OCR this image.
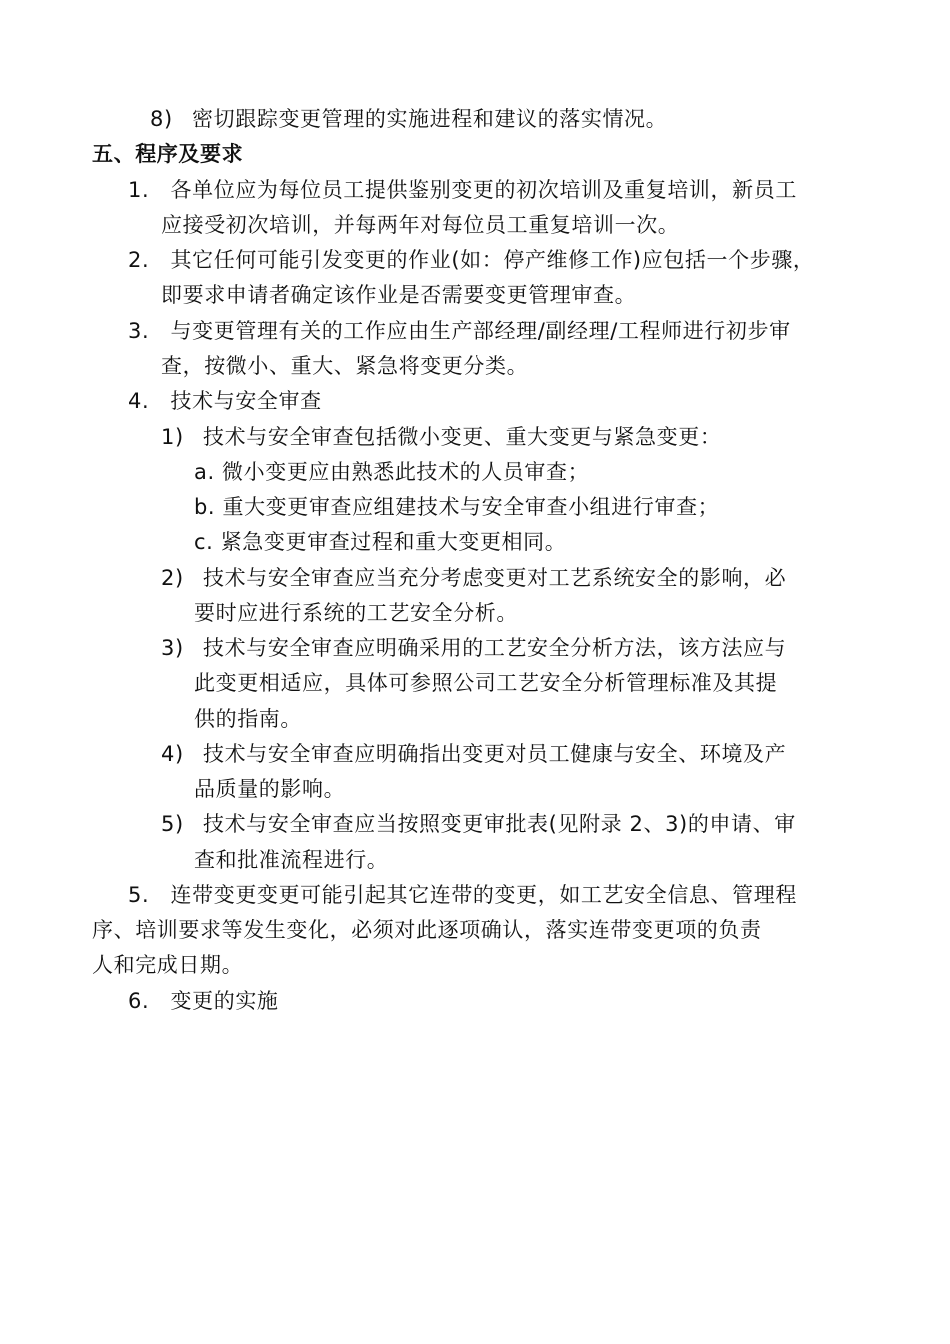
8) 密切跟踪变更管理的实施进程和建议的落实情况。
五、程序及要求
1. 各单位应为每位员工提供鉴别变更的初次培训及重复培训，新员工
应接受初次培训，并每两年对每位员工重复培训一次。
2. 其它任何可能引发变更的作业(如：停产维修工作)应包括一个步骤，
即要求申请者确定该作业是否需要变更管理审查。
3. 与变更管理有关的工作应由生产部经理/副经理/工程师进行初步审
查，按微小、重大、紧急将变更分类。
4. 技术与安全审查
1) 技术与安全审查包括微小变更、重大变更与紧急变更：
a. 微小变更应由熟悉此技术的人员审查；
b. 重大变更审查应组建技术与安全审查小组进行审查；
c. 紧急变更审查过程和重大变更相同。
2) 技术与安全审查应当充分考虑变更对工艺系统安全的影响，必
要时应进行系统的工艺安全分析。
3) 技术与安全审查应明确采用的工艺安全分析方法，该方法应与
此变更相适应，具体可参照公司工艺安全分析管理标准及其提
供的指南。
4) 技术与安全审查应明确指出变更对员工健康与安全、环境及产
品质量的影响。
5) 技术与安全审查应当按照变更审批表(见附录 2、3)的申请、审
查和批准流程进行。
5. 连带变更变更可能引起其它连带的变更，如工艺安全信息、管理程
序、培训要求等发生变化，必须对此逐项确认，落实连带变更项的负责
人和完成日期。
6. 变更的实施
